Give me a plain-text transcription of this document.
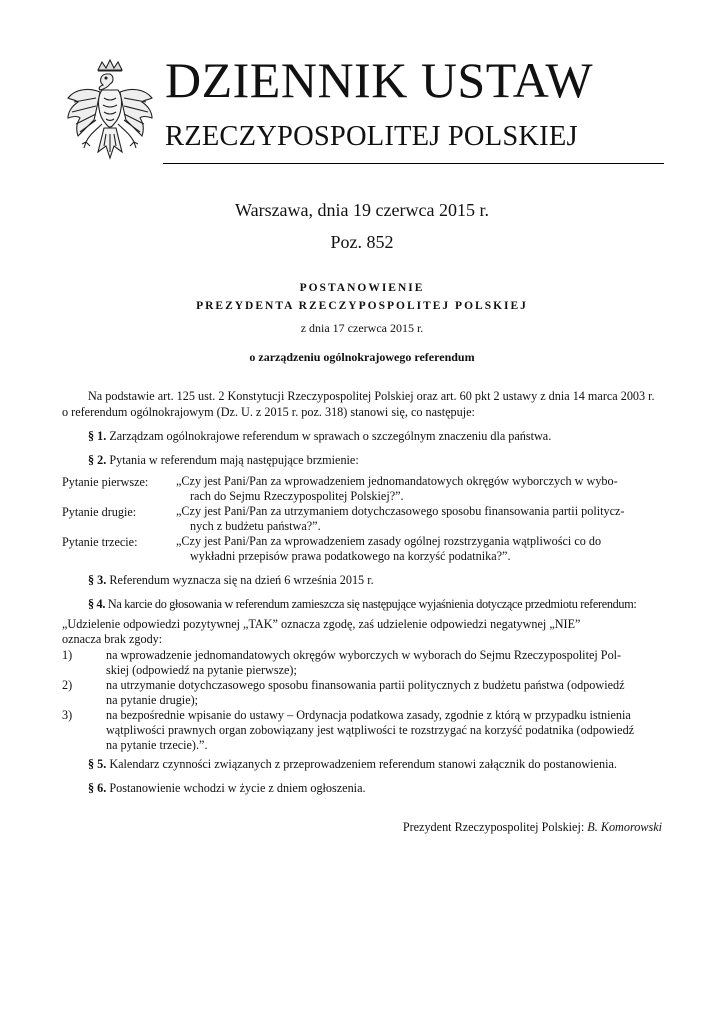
DZIENNIK USTAW
RZECZYPOSPOLITEJ POLSKIEJ
Warszawa, dnia 19 czerwca 2015 r.
Poz. 852
POSTANOWIENIE
PREZYDENTA RZECZYPOSPOLITEJ POLSKIEJ
z dnia 17 czerwca 2015 r.
o zarządzeniu ogólnokrajowego referendum
Na podstawie art. 125 ust. 2 Konstytucji Rzeczypospolitej Polskiej oraz art. 60 pkt 2 ustawy z dnia 14 marca 2003 r.
o referendum ogólnokrajowym (Dz. U. z 2015 r. poz. 318) stanowi się, co następuje:
§ 1. Zarządzam ogólnokrajowe referendum w sprawach o szczególnym znaczeniu dla państwa.
§ 2. Pytania w referendum mają następujące brzmienie:
Pytanie pierwsze: „Czy jest Pani/Pan za wprowadzeniem jednomandatowych okręgów wyborczych w wybo-
rach do Sejmu Rzeczypospolitej Polskiej?”.
Pytanie drugie:	„Czy jest Pani/Pan za utrzymaniem dotychczasowego sposobu finansowania partii politycz-
nych z budżetu państwa?”.
Pytanie trzecie:	„Czy jest Pani/Pan za wprowadzeniem zasady ogólnej rozstrzygania wątpliwości co do
wykładni przepisów prawa podatkowego na korzyść podatnika?”.
§ 3. Referendum wyznacza się na dzień 6 września 2015 r.
§ 4. Na karcie do głosowania w referendum zamieszcza się następujące wyjaśnienia dotyczące przedmiotu referendum:
„Udzielenie odpowiedzi pozytywnej „TAK” oznacza zgodę, zaś udzielenie odpowiedzi negatywnej „NIE”
oznacza brak zgody:
1)	na wprowadzenie jednomandatowych okręgów wyborczych w wyborach do Sejmu Rzeczypospolitej Pol-
skiej (odpowiedź na pytanie pierwsze);
2)	na utrzymanie dotychczasowego sposobu finansowania partii politycznych z budżetu państwa (odpowiedź
na pytanie drugie);
3)	na bezpośrednie wpisanie do ustawy – Ordynacja podatkowa zasady, zgodnie z którą w przypadku istnienia
wątpliwości prawnych organ zobowiązany jest wątpliwości te rozstrzygać na korzyść podatnika (odpowiedź
na pytanie trzecie).”.
§ 5. Kalendarz czynności związanych z przeprowadzeniem referendum stanowi załącznik do postanowienia.
§ 6. Postanowienie wchodzi w życie z dniem ogłoszenia.
Prezydent Rzeczypospolitej Polskiej: B. Komorowski
